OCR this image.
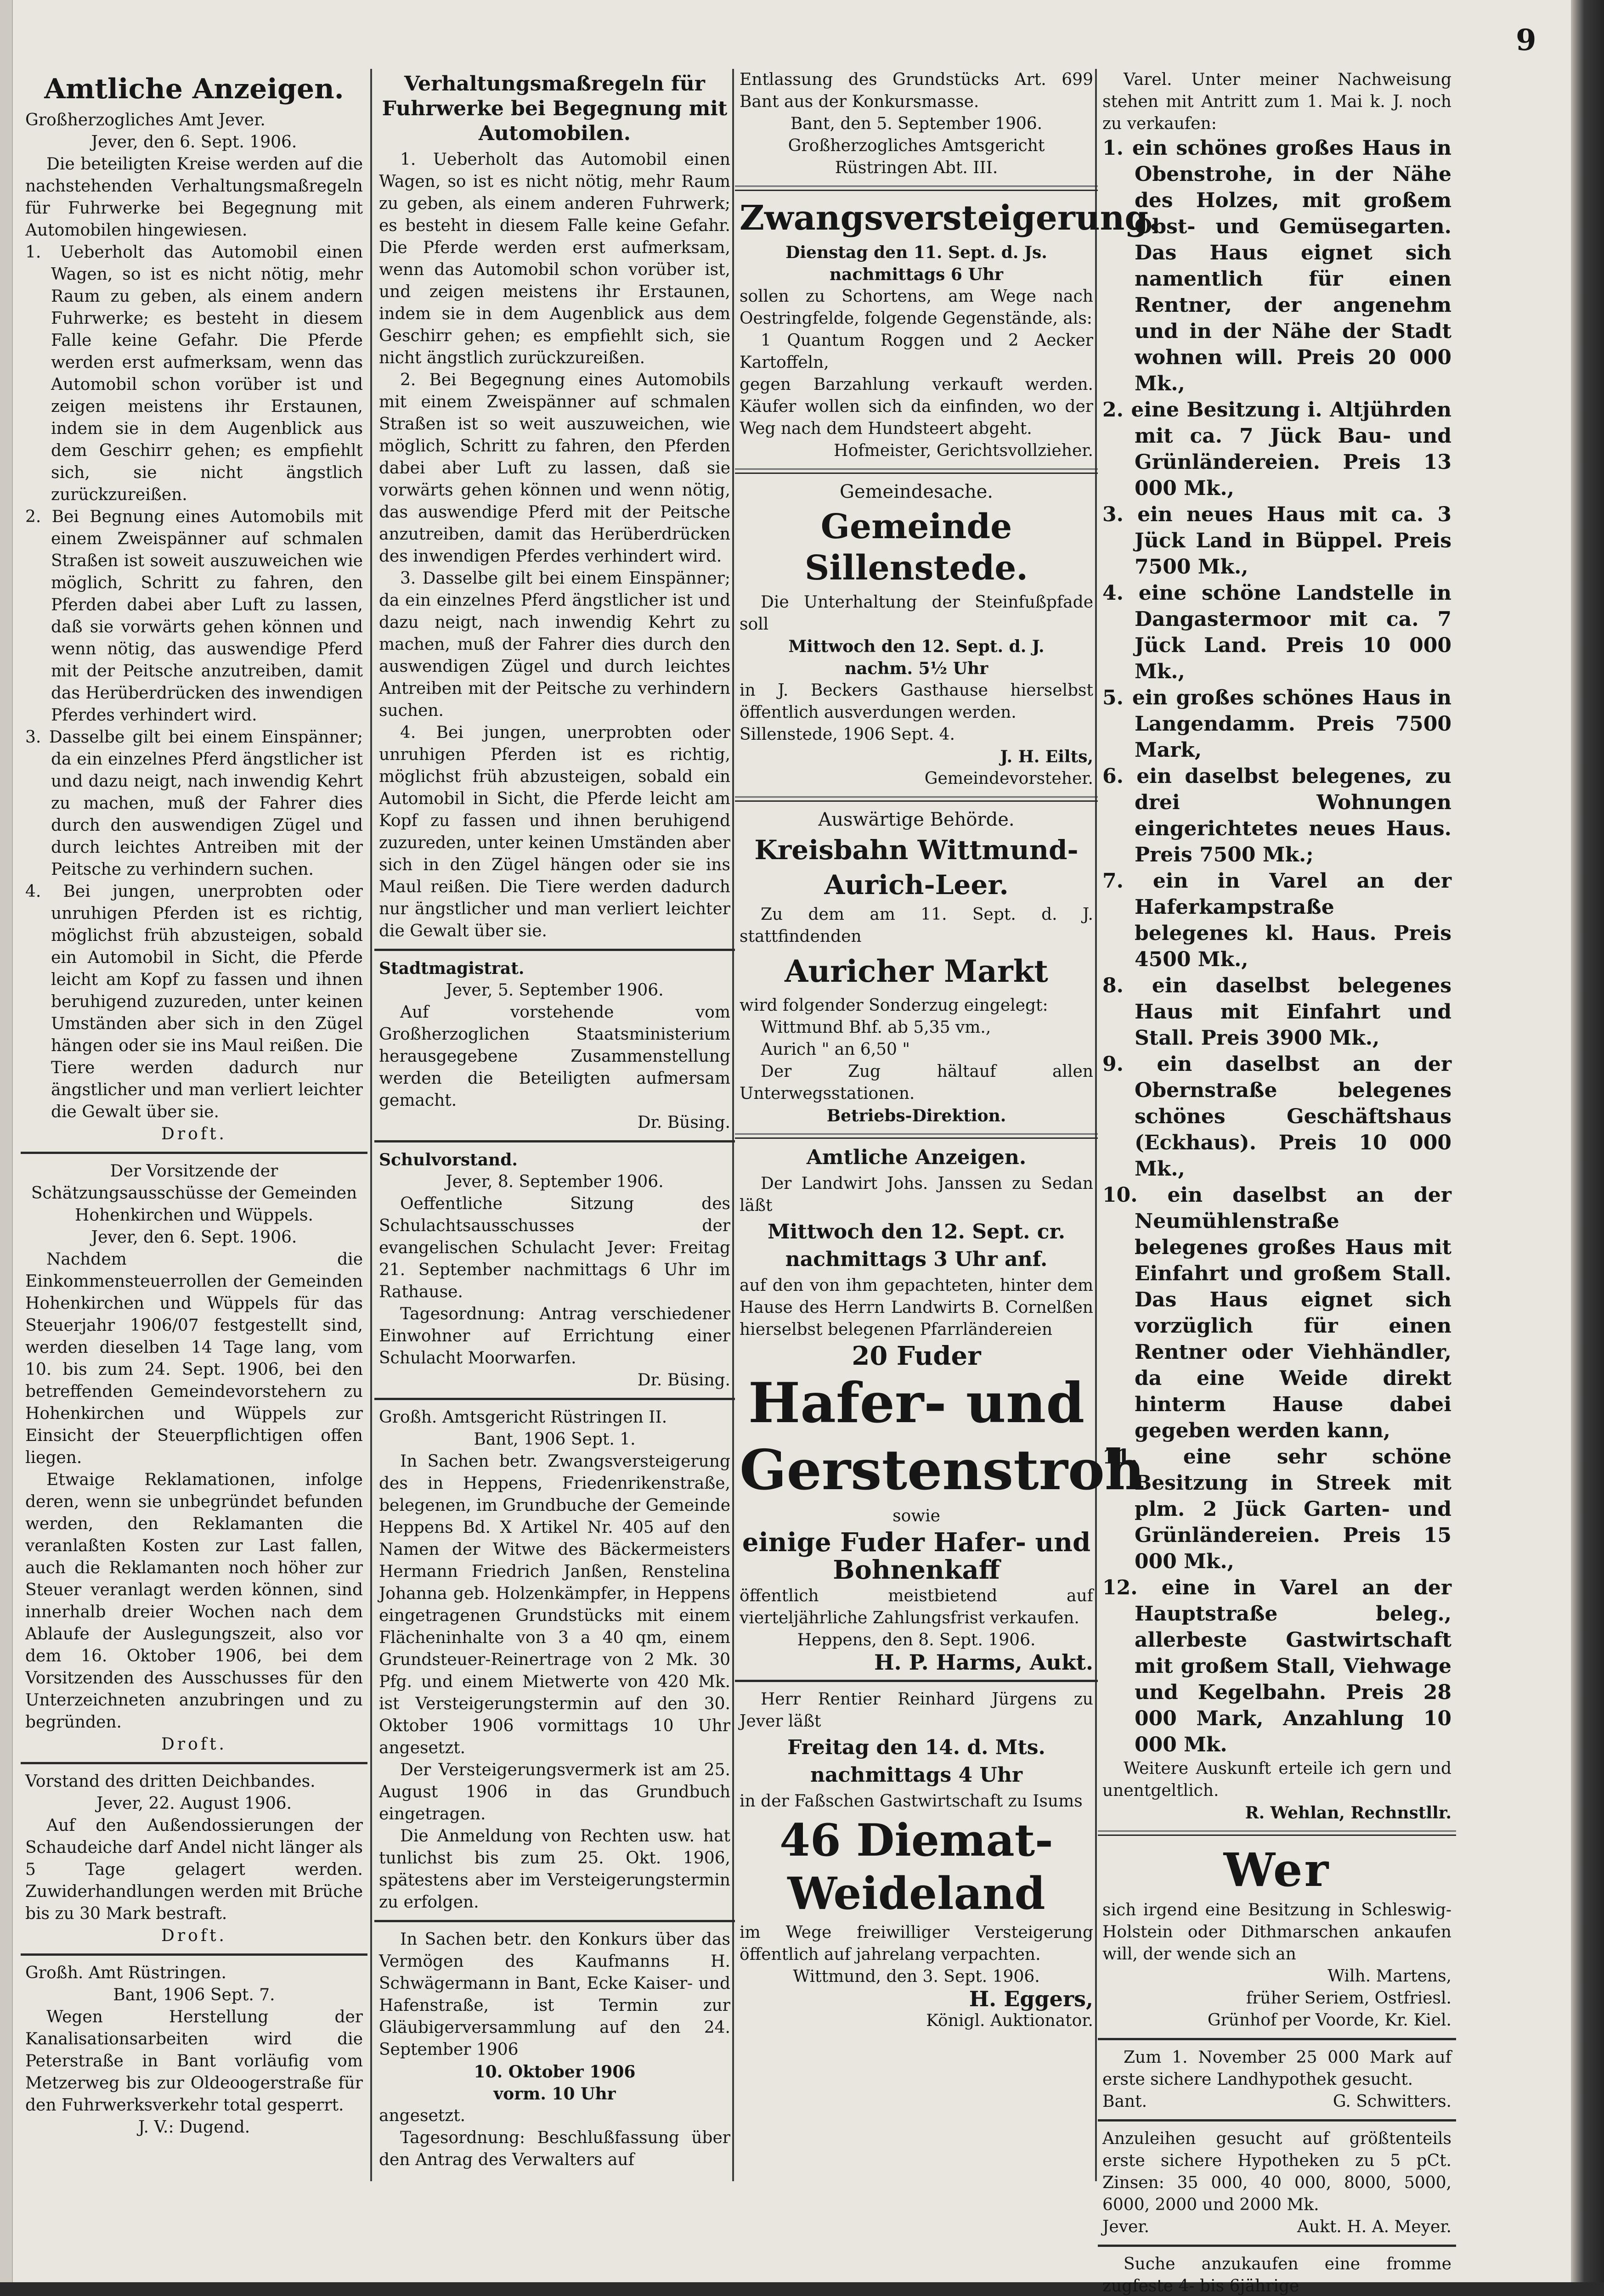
9
Amtliche Anzeigen.

Großherzogliches Amt Jever.

Jever, den 6. Sept. 1906.

Die beteiligten Kreise werden auf die nachstehenden Verhaltungsmaßregeln für Fuhrwerke bei Begegnung mit Automobilen hingewiesen.

1. Ueberholt das Automobil einen Wagen, so ist es nicht nötig, mehr Raum zu geben, als einem andern Fuhrwerke; es besteht in diesem Falle keine Gefahr. Die Pferde werden erst aufmerksam, wenn das Automobil schon vorüber ist und zeigen meistens ihr Erstaunen, indem sie in dem Augenblick aus dem Geschirr gehen; es empfiehlt sich, sie nicht ängstlich zurückzureißen.
2. Bei Begnung eines Automobils mit einem Zweispänner auf schmalen Straßen ist soweit auszuweichen wie möglich, Schritt zu fahren, den Pferden dabei aber Luft zu lassen, daß sie vorwärts gehen können und wenn nötig, das auswendige Pferd mit der Peitsche anzutreiben, damit das Herüberdrücken des inwendigen Pferdes verhindert wird.
3. Dasselbe gilt bei einem Einspänner; da ein einzelnes Pferd ängstlicher ist und dazu neigt, nach inwendig Kehrt zu machen, muß der Fahrer dies durch den auswendigen Zügel und durch leichtes Antreiben mit der Peitsche zu verhindern suchen.
4. Bei jungen, unerprobten oder unruhigen Pferden ist es richtig, möglichst früh abzusteigen, sobald ein Automobil in Sicht, die Pferde leicht am Kopf zu fassen und ihnen beruhigend zuzureden, unter keinen Umständen aber sich in den Zügel hängen oder sie ins Maul reißen. Die Tiere werden dadurch nur ängstlicher und man verliert leichter die Gewalt über sie.

Droft.

Der Vorsitzende der Schätzungsausschüsse der Gemeinden Hohenkirchen und Wüppels.

Jever, den 6. Sept. 1906.

Nachdem die Einkommensteuerrollen der Gemeinden Hohenkirchen und Wüppels für das Steuerjahr 1906/07 festgestellt sind, werden dieselben 14 Tage lang, vom 10. bis zum 24. Sept. 1906, bei den betreffenden Gemeindevorstehern zu Hohenkirchen und Wüppels zur Einsicht der Steuerpflichtigen offen liegen.

Etwaige Reklamationen, infolge deren, wenn sie unbegründet befunden werden, den Reklamanten die veranlaßten Kosten zur Last fallen, auch die Reklamanten noch höher zur Steuer veranlagt werden können, sind innerhalb dreier Wochen nach dem Ablaufe der Auslegungszeit, also vor dem 16. Oktober 1906, bei dem Vorsitzenden des Ausschusses für den Unterzeichneten anzubringen und zu begründen.

Droft.

Vorstand des dritten Deichbandes.

Jever, 22. August 1906.

Auf den Außendossierungen der Schaudeiche darf Andel nicht länger als 5 Tage gelagert werden. Zuwiderhandlungen werden mit Brüche bis zu 30 Mark bestraft.

Droft.

Großh. Amt Rüstringen.

Bant, 1906 Sept. 7.

Wegen Herstellung der Kanalisationsarbeiten wird die Peterstraße in Bant vorläufig vom Metzerweg bis zur Oldeoogerstraße für den Fuhrwerksverkehr total gesperrt.

J. V.: Dugend.

Verhaltungsmaßregeln für Fuhrwerke bei Begegnung mit Automobilen.

1. Ueberholt das Automobil einen Wagen, so ist es nicht nötig, mehr Raum zu geben, als einem anderen Fuhrwerk; es besteht in diesem Falle keine Gefahr. Die Pferde werden erst aufmerksam, wenn das Automobil schon vorüber ist, und zeigen meistens ihr Erstaunen, indem sie in dem Augenblick aus dem Geschirr gehen; es empfiehlt sich, sie nicht ängstlich zurückzureißen.

2. Bei Begegnung eines Automobils mit einem Zweispänner auf schmalen Straßen ist so weit auszuweichen, wie möglich, Schritt zu fahren, den Pferden dabei aber Luft zu lassen, daß sie vorwärts gehen können und wenn nötig, das auswendige Pferd mit der Peitsche anzutreiben, damit das Herüberdrücken des inwendigen Pferdes verhindert wird.

3. Dasselbe gilt bei einem Einspänner; da ein einzelnes Pferd ängstlicher ist und dazu neigt, nach inwendig Kehrt zu machen, muß der Fahrer dies durch den auswendigen Zügel und durch leichtes Antreiben mit der Peitsche zu verhindern suchen.

4. Bei jungen, unerprobten oder unruhigen Pferden ist es richtig, möglichst früh abzusteigen, sobald ein Automobil in Sicht, die Pferde leicht am Kopf zu fassen und ihnen beruhigend zuzureden, unter keinen Umständen aber sich in den Zügel hängen oder sie ins Maul reißen. Die Tiere werden dadurch nur ängstlicher und man verliert leichter die Gewalt über sie.

Stadtmagistrat.

Jever, 5. September 1906.

Auf vorstehende vom Großherzoglichen Staatsministerium herausgegebene Zusammenstellung werden die Beteiligten aufmersam gemacht.

Dr. Büsing.

Schulvorstand.

Jever, 8. September 1906.

Oeffentliche Sitzung des Schulachtsausschusses der evangelischen Schulacht Jever: Freitag 21. September nachmittags 6 Uhr im Rathause.

Tagesordnung: Antrag verschiedener Einwohner auf Errichtung einer Schulacht Moorwarfen.

Dr. Büsing.

Großh. Amtsgericht Rüstringen II.

Bant, 1906 Sept. 1.

In Sachen betr. Zwangsversteigerung des in Heppens, Friedenrikenstraße, belegenen, im Grundbuche der Gemeinde Heppens Bd. X Artikel Nr. 405 auf den Namen der Witwe des Bäckermeisters Hermann Friedrich Janßen, Renstelina Johanna geb. Holzenkämpfer, in Heppens eingetragenen Grundstücks mit einem Flächeninhalte von 3 a 40 qm, einem Grundsteuer-Reinertrage von 2 Mk. 30 Pfg. und einem Mietwerte von 420 Mk. ist Versteigerungstermin auf den 30. Oktober 1906 vormittags 10 Uhr angesetzt.

Der Versteigerungsvermerk ist am 25. August 1906 in das Grundbuch eingetragen.

Die Anmeldung von Rechten usw. hat tunlichst bis zum 25. Okt. 1906, spätestens aber im Versteigerungstermin zu erfolgen.

In Sachen betr. den Konkurs über das Vermögen des Kaufmanns H. Schwägermann in Bant, Ecke Kaiser- und Hafenstraße, ist Termin zur Gläubigerversammlung auf den 24. September 1906

10. Oktober 1906

vorm. 10 Uhr

angesetzt.

Tagesordnung: Beschlußfassung über den Antrag des Verwalters auf

Entlassung des Grundstücks Art. 699 Bant aus der Konkursmasse.

Bant, den 5. September 1906.

Großherzogliches Amtsgericht Rüstringen Abt. III.

Zwangsversteigerung.

Dienstag den 11. Sept. d. Js.

nachmittags 6 Uhr

sollen zu Schortens, am Wege nach Oestringfelde, folgende Gegenstände, als:

1 Quantum Roggen und 2 Aecker Kartoffeln,

gegen Barzahlung verkauft werden. Käufer wollen sich da einfinden, wo der Weg nach dem Hundsteert abgeht.

Hofmeister, Gerichtsvollzieher.

Gemeindesache.

Gemeinde Sillenstede.

Die Unterhaltung der Steinfußpfade soll

Mittwoch den 12. Sept. d. J.

nachm. 5½ Uhr

in J. Beckers Gasthause hierselbst öffentlich ausverdungen werden.

Sillenstede, 1906 Sept. 4.

J. H. Eilts,

Gemeindevorsteher.

Auswärtige Behörde.

Kreisbahn Wittmund-
Aurich-Leer.

Zu dem am 11. Sept. d. J. stattfindenden

Auricher Markt

wird folgender Sonderzug eingelegt:

Wittmund Bhf. ab 5,35 vm.,

Aurich " an 6,50 "

Der Zug hältauf allen Unterwegsstationen.

Betriebs-Direktion.

Amtliche Anzeigen.

Der Landwirt Johs. Janssen zu Sedan läßt

Mittwoch den 12. Sept. cr.
nachmittags 3 Uhr anf.

auf den von ihm gepachteten, hinter dem Hause des Herrn Landwirts B. Cornelßen hierselbst belegenen Pfarrländereien

20 Fuder
Hafer- und
Gerstenstroh

sowie

einige Fuder Hafer- und
Bohnenkaff

öffentlich meistbietend auf vierteljährliche Zahlungsfrist verkaufen.

Heppens, den 8. Sept. 1906.

H. P. Harms, Aukt.

Herr Rentier Reinhard Jürgens zu Jever läßt

Freitag den 14. d. Mts.
nachmittags 4 Uhr

in der Faßschen Gastwirtschaft zu Isums

46 Diemat-
Weideland

im Wege freiwilliger Versteigerung öffentlich auf jahrelang verpachten.

Wittmund, den 3. Sept. 1906.

H. Eggers,

Königl. Auktionator.

Varel. Unter meiner Nachweisung stehen mit Antritt zum 1. Mai k. J. noch zu verkaufen:

1. ein schönes großes Haus in Obenstrohe, in der Nähe des Holzes, mit großem Obst- und Gemüsegarten. Das Haus eignet sich namentlich für einen Rentner, der angenehm und in der Nähe der Stadt wohnen will. Preis 20 000 Mk.,
2. eine Besitzung i. Altjührden mit ca. 7 Jück Bau- und Grünländereien. Preis 13 000 Mk.,
3. ein neues Haus mit ca. 3 Jück Land in Büppel. Preis 7500 Mk.,
4. eine schöne Landstelle in Dangastermoor mit ca. 7 Jück Land. Preis 10 000 Mk.,
5. ein großes schönes Haus in Langendamm. Preis 7500 Mark,
6. ein daselbst belegenes, zu drei Wohnungen eingerichtetes neues Haus. Preis 7500 Mk.;
7. ein in Varel an der Haferkampstraße belegenes kl. Haus. Preis 4500 Mk.,
8. ein daselbst belegenes Haus mit Einfahrt und Stall. Preis 3900 Mk.,
9. ein daselbst an der Obernstraße belegenes schönes Geschäftshaus (Eckhaus). Preis 10 000 Mk.,
10. ein daselbst an der Neumühlenstraße belegenes großes Haus mit Einfahrt und großem Stall. Das Haus eignet sich vorzüglich für einen Rentner oder Viehhändler, da eine Weide direkt hinterm Hause dabei gegeben werden kann,
11. eine sehr schöne Besitzung in Streek mit plm. 2 Jück Garten- und Grünländereien. Preis 15 000 Mk.,
12. eine in Varel an der Hauptstraße beleg., allerbeste Gastwirtschaft mit großem Stall, Viehwage und Kegelbahn. Preis 28 000 Mark, Anzahlung 10 000 Mk.

Weitere Auskunft erteile ich gern und unentgeltlich.

R. Wehlan, Rechnstllr.

Wer

sich irgend eine Besitzung in Schleswig-Holstein oder Dithmarschen ankaufen will, der wende sich an

Wilh. Martens,

früher Seriem, Ostfriesl.

Grünhof per Voorde, Kr. Kiel.

Zum 1. November 25 000 Mark auf erste sichere Landhypothek gesucht.

Bant.	G. Schwitters.

Anzuleihen gesucht auf größtenteils erste sichere Hypotheken zu 5 pCt. Zinsen: 35 000, 40 000, 8000, 5000, 6000, 2000 und 2000 Mk.

Jever.	Aukt. H. A. Meyer.

Suche anzukaufen eine fromme zugfeste 4- bis 6jährige
